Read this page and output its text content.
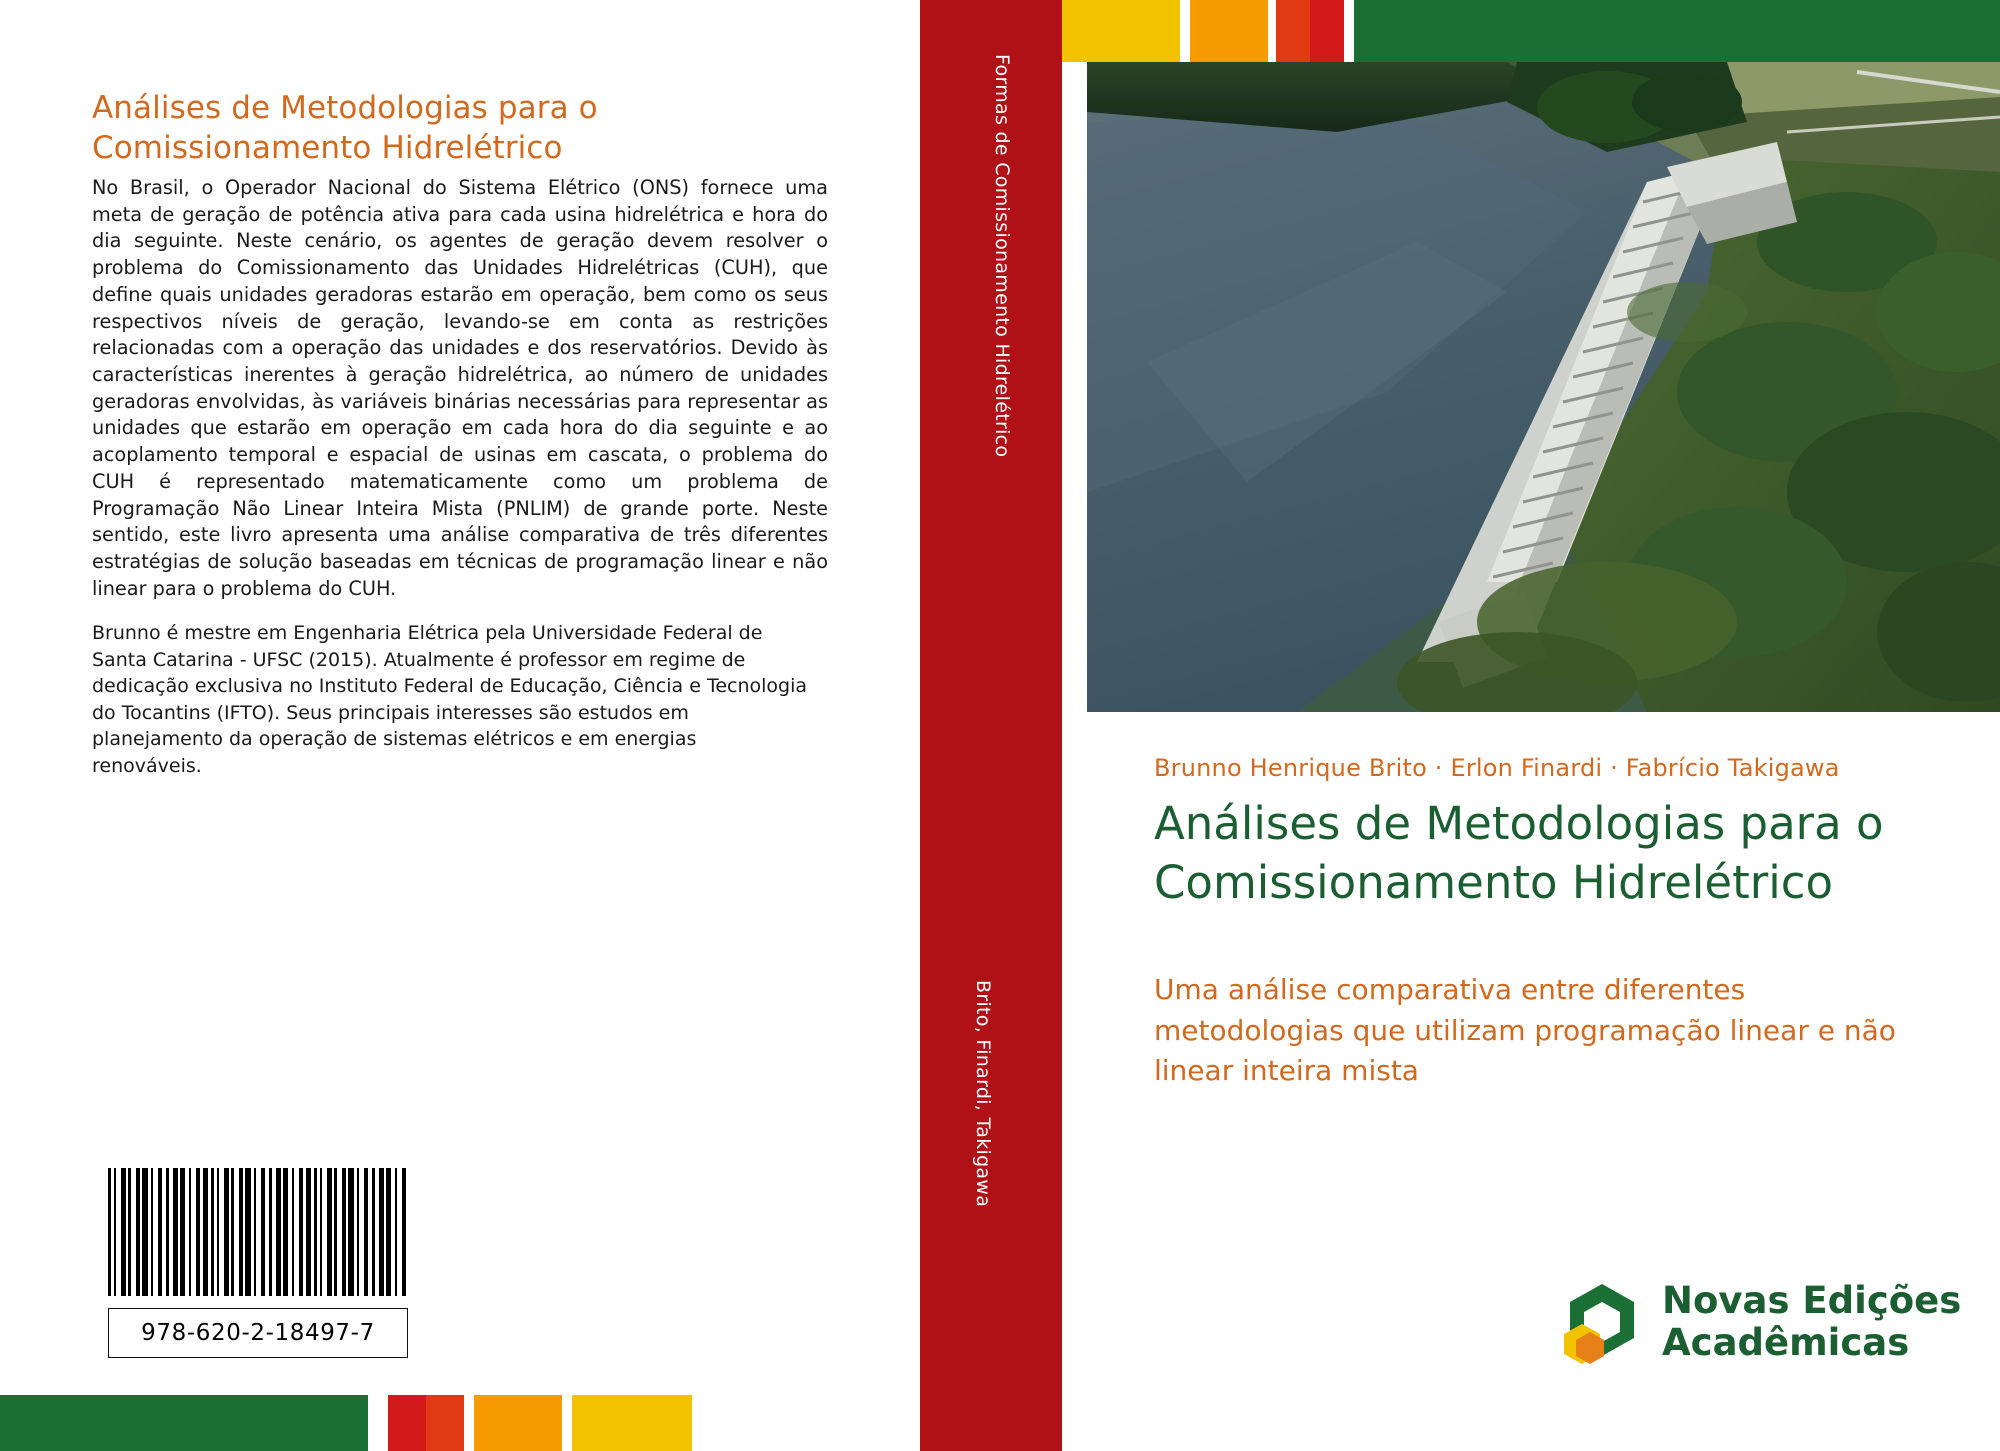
Análises de Metodologias para o Comissionamento Hidrelétrico
No Brasil, o Operador Nacional do Sistema Elétrico (ONS) fornece uma meta de geração de potência ativa para cada usina hidrelétrica e hora do dia seguinte. Neste cenário, os agentes de geração devem resolver o problema do Comissionamento das Unidades Hidrelétricas (CUH), que define quais unidades geradoras estarão em operação, bem como os seus respectivos níveis de geração, levando-se em conta as restrições relacionadas com a operação das unidades e dos reservatórios. Devido às características inerentes à geração hidrelétrica, ao número de unidades geradoras envolvidas, às variáveis binárias necessárias para representar as unidades que estarão em operação em cada hora do dia seguinte e ao acoplamento temporal e espacial de usinas em cascata, o problema do CUH é representado matematicamente como um problema de Programação Não Linear Inteira Mista (PNLIM) de grande porte. Neste sentido, este livro apresenta uma análise comparativa de três diferentes estratégias de solução baseadas em técnicas de programação linear e não linear para o problema do CUH.
Brunno é mestre em Engenharia Elétrica pela Universidade Federal de Santa Catarina - UFSC (2015). Atualmente é professor em regime de dedicação exclusiva no Instituto Federal de Educação, Ciência e Tecnologia do Tocantins (IFTO). Seus principais interesses são estudos em planejamento da operação de sistemas elétricos e em energias renováveis.
978-620-2-18497-7
Formas de Comissionamento Hidrelétrico
Brito, Finardi, Takigawa
Brunno Henrique Brito · Erlon Finardi · Fabrício Takigawa
Análises de Metodologias para o Comissionamento Hidrelétrico
Uma análise comparativa entre diferentes metodologias que utilizam programação linear e não linear inteira mista
Novas Edições
Acadêmicas
